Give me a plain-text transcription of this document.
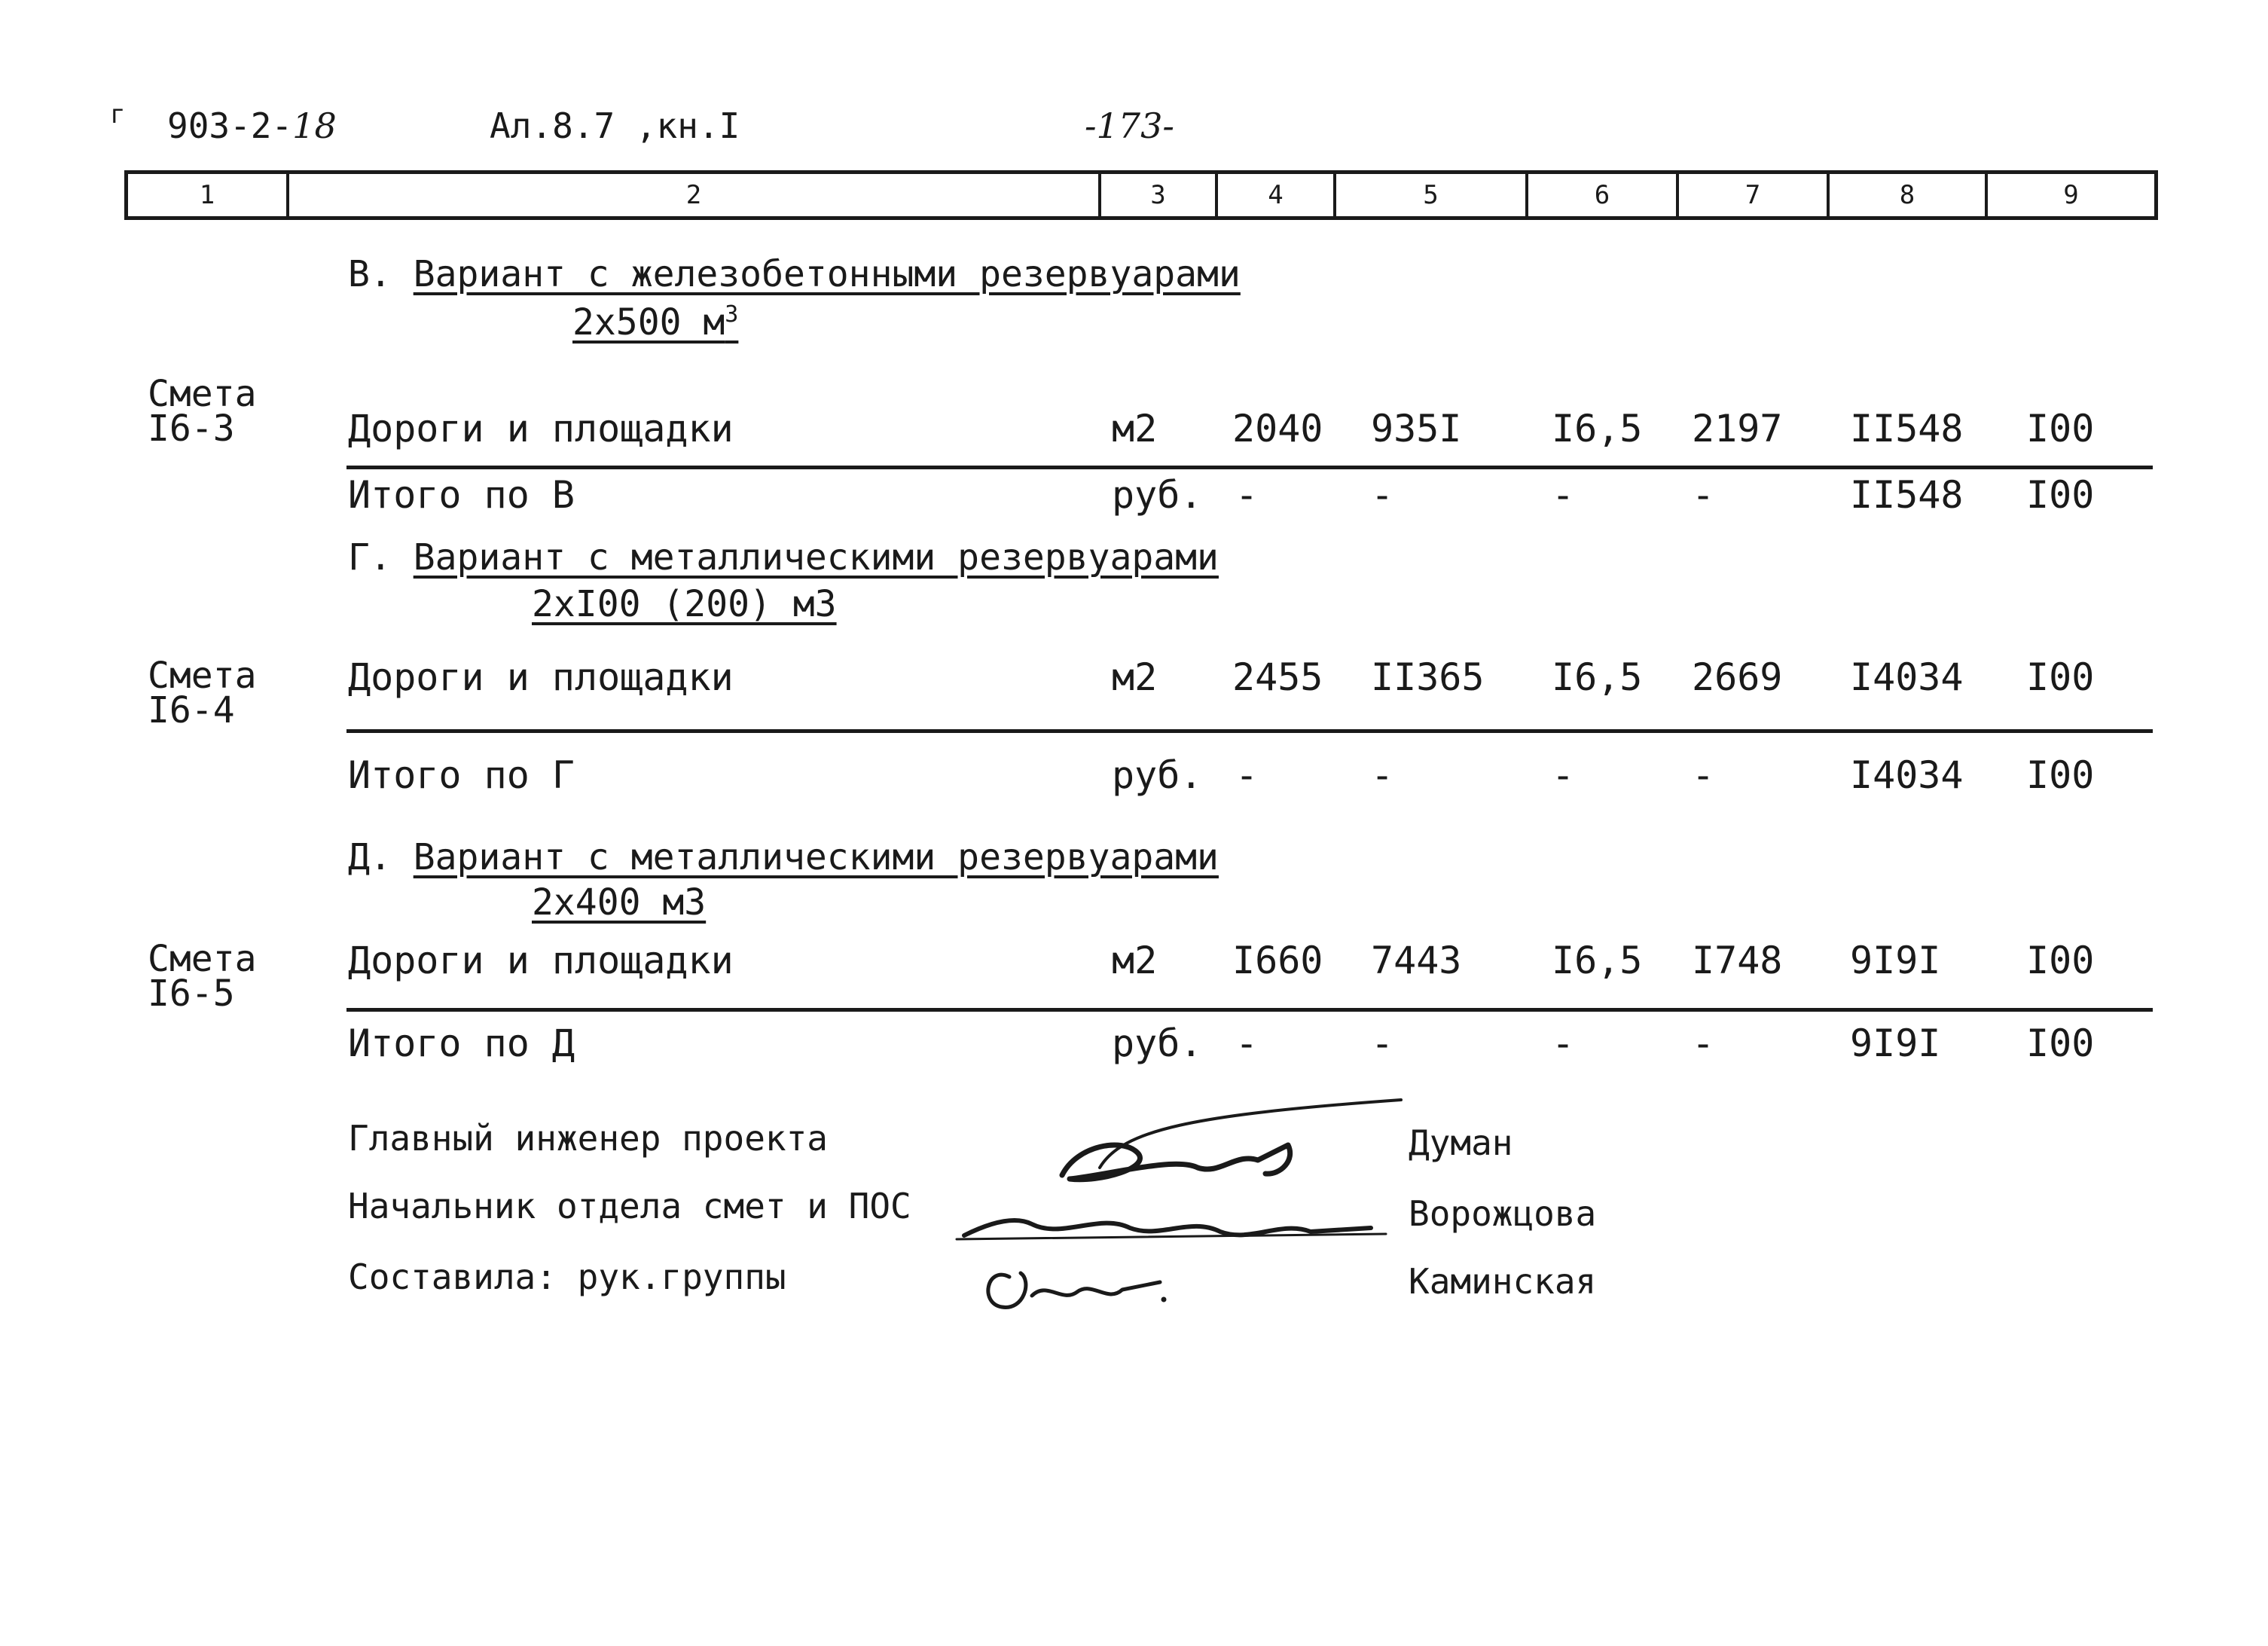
г 903-2-18	Ал.8.7 ,кн.I	-173-
1	2	3	4	5	6	7	8	9
В. Вариант с железобетонными резервуарами
2х500 $м^3$
Смета
I6-3	Дороги и площадки	м2 2040 935I I6,5 2197 II548 I00
Итого по В	руб. -	-	-	-	II548 I00
Г. Вариант с металлическими резервуарами
2хI00 (200) м3
Смета
I6-4
Дороги и площадки	м2 2455 II365 I6,5 2669 I4034 I00
Итого по Г	руб. -	-	-	-	I4034 I00
Д. Вариант с металлическими резервуарами
2х400 м3
Смета
I6-5
Дороги и площадки	м2 I660 7443 I6,5 I748 9I9I I00
Итого по Д	руб. -	-	-	-	9I9I I00
Главный инженер проекта	Думан
Начальник отдела смет и ПОС	Ворожцова
Составила: рук.группы	Каминская
